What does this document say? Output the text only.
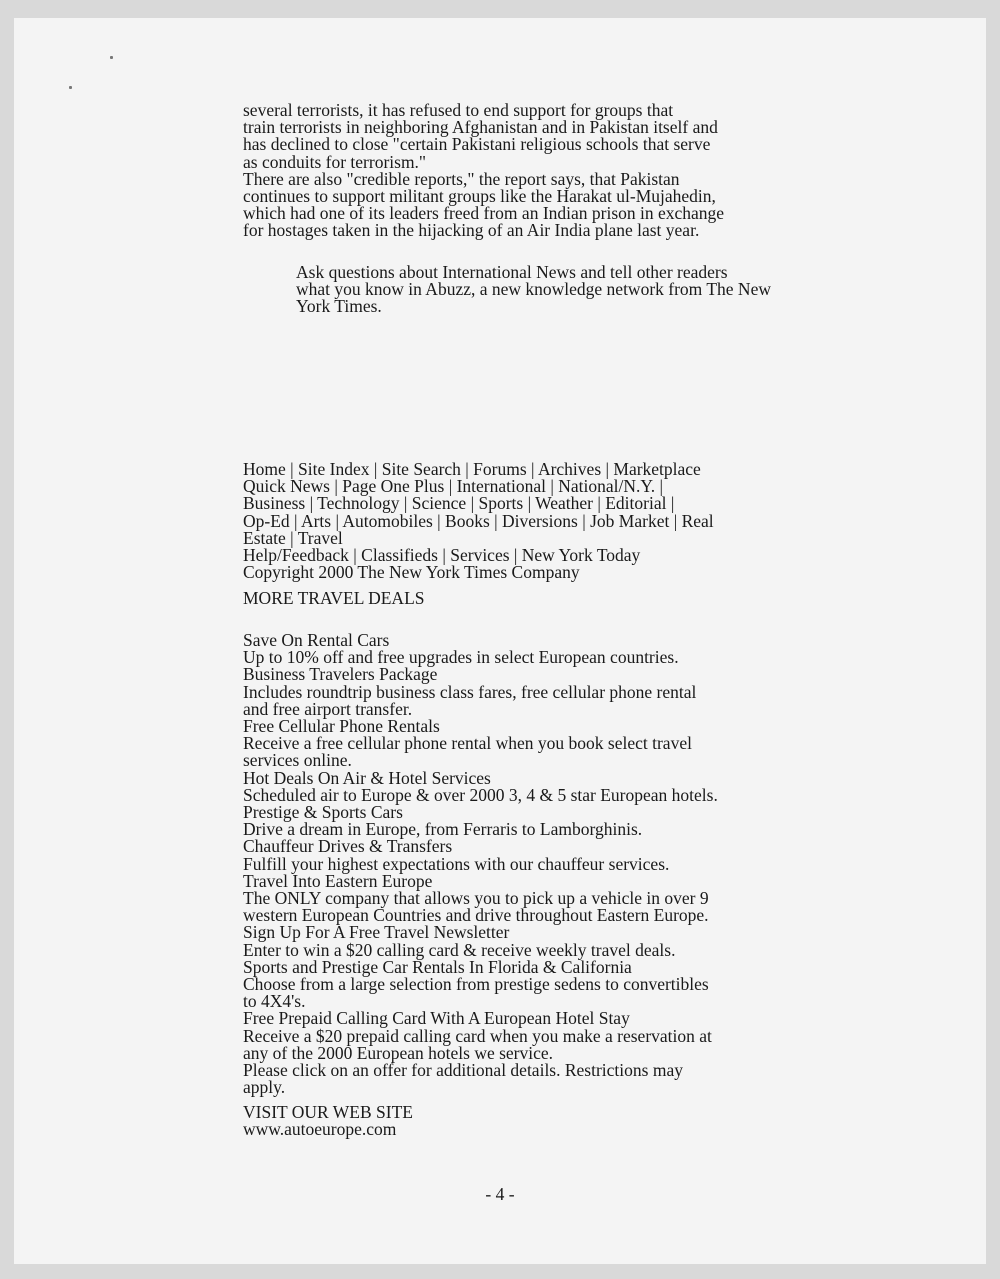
several terrorists, it has refused to end support for groups that
train terrorists in neighboring Afghanistan and in Pakistan itself and
has declined to close "certain Pakistani religious schools that serve
as conduits for terrorism."
There are also "credible reports," the report says, that Pakistan
continues to support militant groups like the Harakat ul-Mujahedin,
which had one of its leaders freed from an Indian prison in exchange
for hostages taken in the hijacking of an Air India plane last year.
Ask questions about International News and tell other readers
what you know in Abuzz, a new knowledge network from The New
York Times.
Home | Site Index | Site Search | Forums | Archives | Marketplace
Quick News | Page One Plus | International | National/N.Y. |
Business | Technology | Science | Sports | Weather | Editorial |
Op-Ed | Arts | Automobiles | Books | Diversions | Job Market | Real
Estate | Travel
Help/Feedback | Classifieds | Services | New York Today
Copyright 2000 The New York Times Company
MORE TRAVEL DEALS
Save On Rental Cars
Up to 10% off and free upgrades in select European countries.
Business Travelers Package
Includes roundtrip business class fares, free cellular phone rental
and free airport transfer.
Free Cellular Phone Rentals
Receive a free cellular phone rental when you book select travel
services online.
Hot Deals On Air & Hotel Services
Scheduled air to Europe & over 2000 3, 4 & 5 star European hotels.
Prestige & Sports Cars
Drive a dream in Europe, from Ferraris to Lamborghinis.
Chauffeur Drives & Transfers
Fulfill your highest expectations with our chauffeur services.
Travel Into Eastern Europe
The ONLY company that allows you to pick up a vehicle in over 9
western European Countries and drive throughout Eastern Europe.
Sign Up For A Free Travel Newsletter
Enter to win a $20 calling card & receive weekly travel deals.
Sports and Prestige Car Rentals In Florida & California
Choose from a large selection from prestige sedens to convertibles
to 4X4's.
Free Prepaid Calling Card With A European Hotel Stay
Receive a $20 prepaid calling card when you make a reservation at
any of the 2000 European hotels we service.
Please click on an offer for additional details. Restrictions may
apply.
VISIT OUR WEB SITE
www.autoeurope.com
- 4 -
